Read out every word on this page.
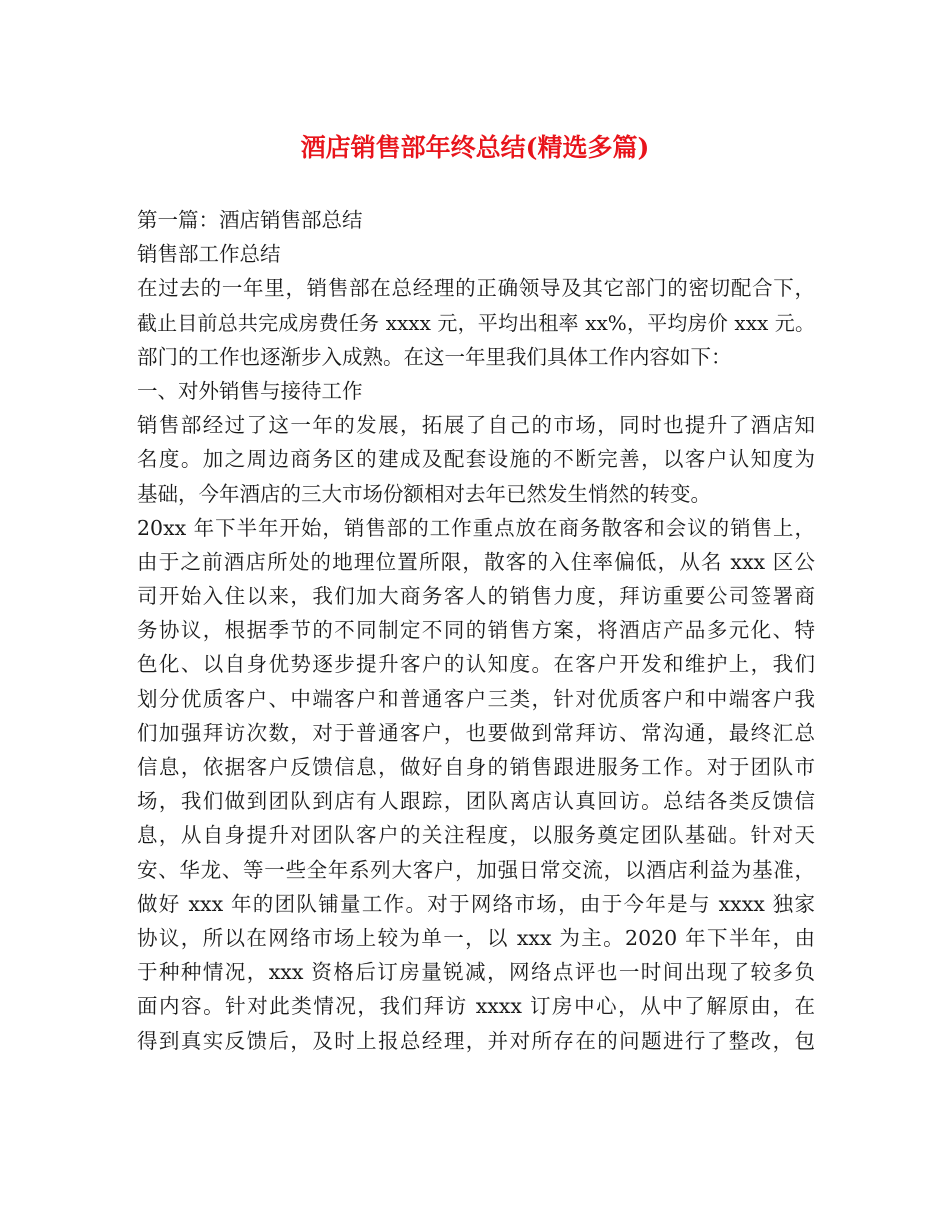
酒店销售部年终总结(精选多篇)
第一篇：酒店销售部总结
销售部工作总结
在过去的一年里，销售部在总经理的正确领导及其它部门的密切配合下，
截止目前总共完成房费任务 xxxx 元，平均出租率 xx%，平均房价 xxx 元。
部门的工作也逐渐步入成熟。在这一年里我们具体工作内容如下：
一、对外销售与接待工作
销售部经过了这一年的发展，拓展了自己的市场，同时也提升了酒店知
名度。加之周边商务区的建成及配套设施的不断完善，以客户认知度为
基础，今年酒店的三大市场份额相对去年已然发生悄然的转变。
20xx 年下半年开始，销售部的工作重点放在商务散客和会议的销售上，
由于之前酒店所处的地理位置所限，散客的入住率偏低，从名 xxx 区公
司开始入住以来，我们加大商务客人的销售力度，拜访重要公司签署商
务协议，根据季节的不同制定不同的销售方案，将酒店产品多元化、特
色化、以自身优势逐步提升客户的认知度。在客户开发和维护上，我们
划分优质客户、中端客户和普通客户三类，针对优质客户和中端客户我
们加强拜访次数，对于普通客户，也要做到常拜访、常沟通，最终汇总
信息，依据客户反馈信息，做好自身的销售跟进服务工作。对于团队市
场，我们做到团队到店有人跟踪，团队离店认真回访。总结各类反馈信
息，从自身提升对团队客户的关注程度，以服务奠定团队基础。针对天
安、华龙、等一些全年系列大客户，加强日常交流，以酒店利益为基准，
做好 xxx 年的团队铺量工作。对于网络市场，由于今年是与 xxxx 独家
协议，所以在网络市场上较为单一，以 xxx 为主。2020 年下半年，由
于种种情况，xxx 资格后订房量锐减，网络点评也一时间出现了较多负
面内容。针对此类情况，我们拜访 xxxx 订房中心，从中了解原由，在
得到真实反馈后，及时上报总经理，并对所存在的问题进行了整改，包
